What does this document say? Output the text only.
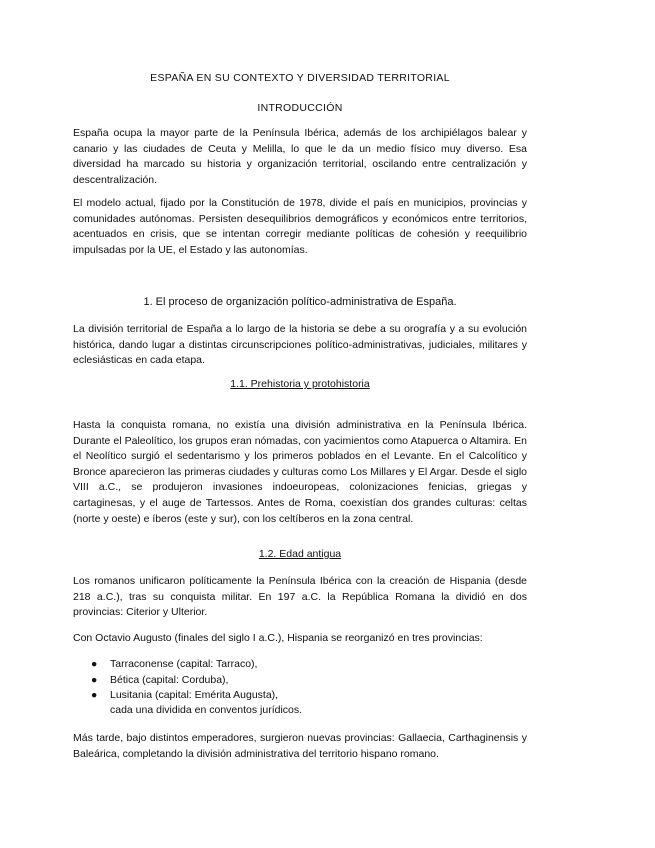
ESPAÑA EN SU CONTEXTO Y DIVERSIDAD TERRITORIAL
INTRODUCCIÓN

España ocupa la mayor parte de la Península Ibérica, además de los archipiélagos balear y canario y las ciudades de Ceuta y Melilla, lo que le da un medio físico muy diverso. Esa diversidad ha marcado su historia y organización territorial, oscilando entre centralización y descentralización.

El modelo actual, fijado por la Constitución de 1978, divide el país en municipios, provincias y comunidades autónomas. Persisten desequilibrios demográficos y económicos entre territorios, acentuados en crisis, que se intentan corregir mediante políticas de cohesión y reequilibrio impulsadas por la UE, el Estado y las autonomías.

1. El proceso de organización político-administrativa de España.

La división territorial de España a lo largo de la historia se debe a su orografía y a su evolución histórica, dando lugar a distintas circunscripciones político-administrativas, judiciales, militares y eclesiásticas en cada etapa.

1.1. Prehistoria y protohistoria

Hasta la conquista romana, no existía una división administrativa en la Península Ibérica. Durante el Paleolítico, los grupos eran nómadas, con yacimientos como Atapuerca o Altamira. En el Neolítico surgió el sedentarismo y los primeros poblados en el Levante. En el Calcolítico y Bronce aparecieron las primeras ciudades y culturas como Los Millares y El Argar. Desde el siglo VIII a.C., se produjeron invasiones indoeuropeas, colonizaciones fenicias, griegas y cartaginesas, y el auge de Tartessos. Antes de Roma, coexistían dos grandes culturas: celtas (norte y oeste) e íberos (este y sur), con los celtíberos en la zona central.

1.2. Edad antigua

Los romanos unificaron políticamente la Península Ibérica con la creación de Hispania (desde 218 a.C.), tras su conquista militar. En 197 a.C. la República Romana la dividió en dos provincias: Citerior y Ulterior.

Con Octavio Augusto (finales del siglo I a.C.), Hispania se reorganizó en tres provincias:

● Tarraconense (capital: Tarraco),
● Bética (capital: Corduba),
● Lusitania (capital: Emérita Augusta),
cada una dividida en conventos jurídicos.

Más tarde, bajo distintos emperadores, surgieron nuevas provincias: Gallaecia, Carthaginensis y Baleárica, completando la división administrativa del territorio hispano romano.
